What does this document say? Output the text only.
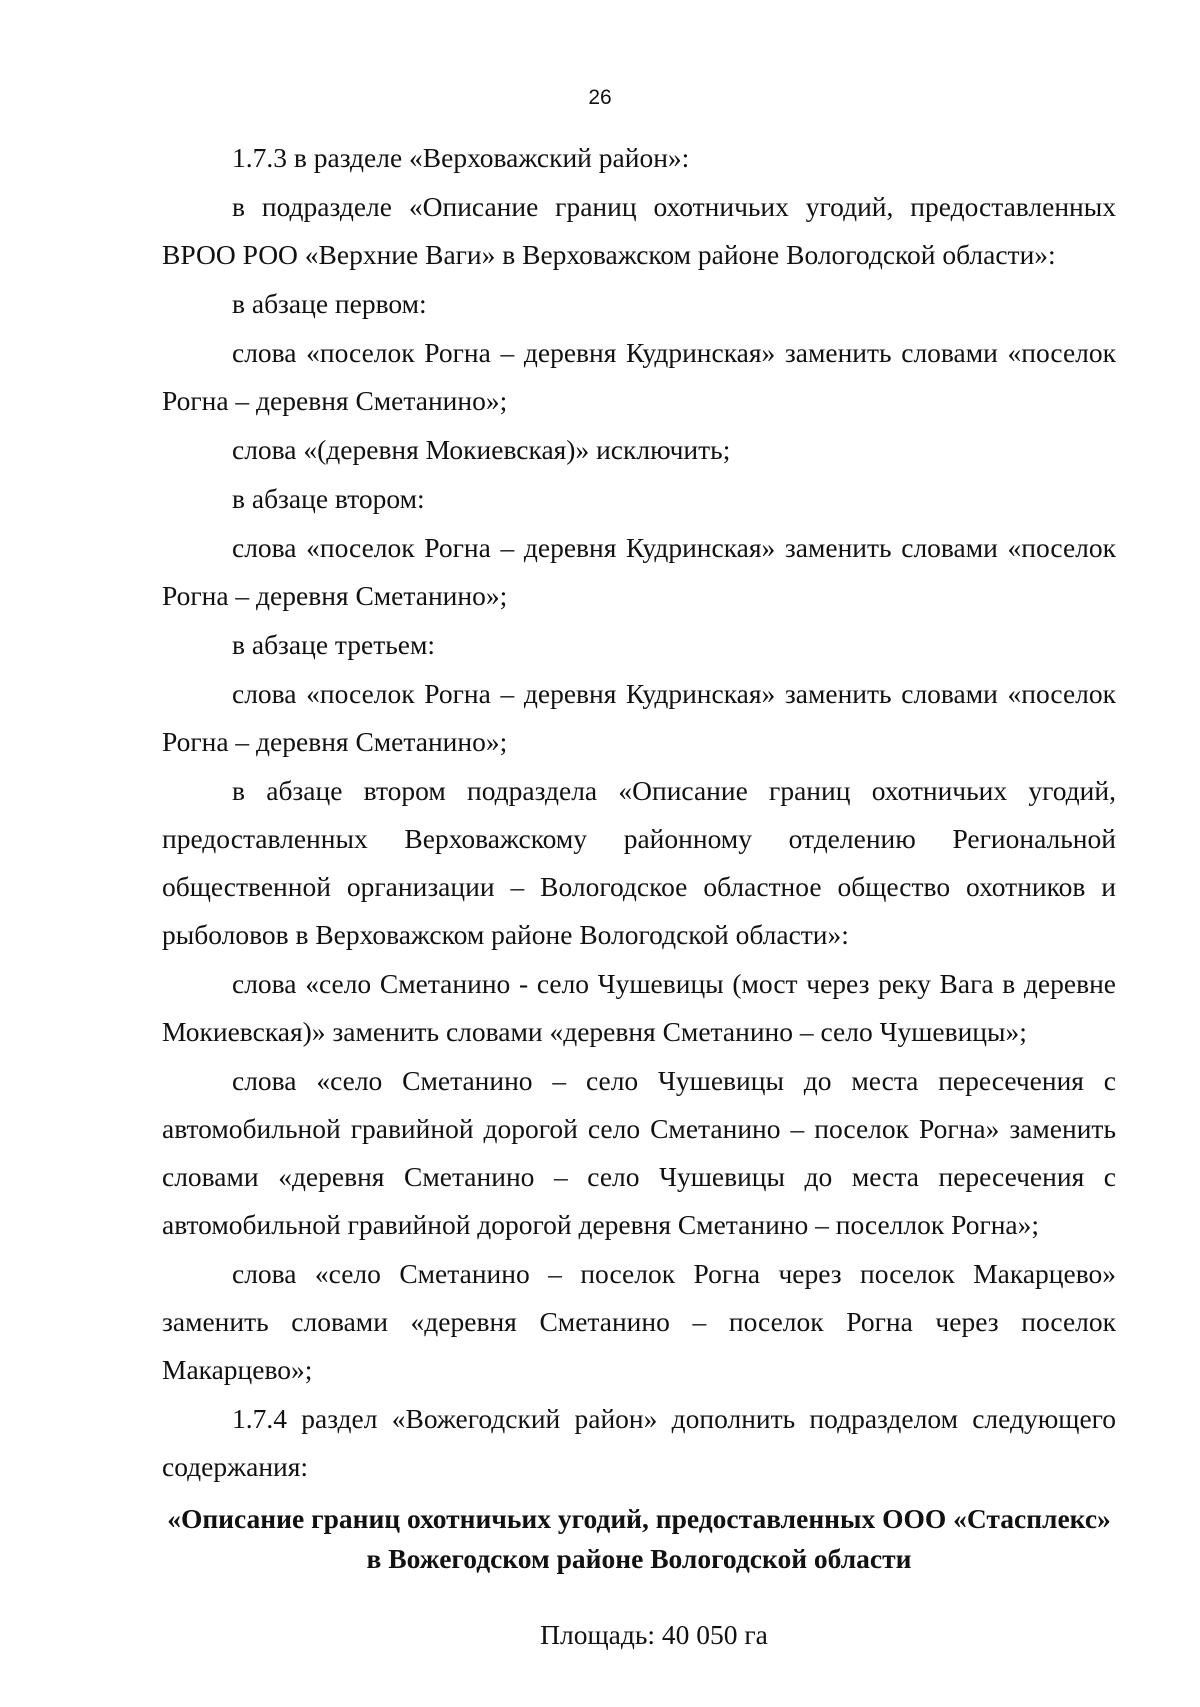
26

1.7.3 в разделе «Верховажский район»:

в подразделе «Описание границ охотничьих угодий, предоставленных ВРОО РОО «Верхние Ваги» в Верховажском районе Вологодской области»:

в абзаце первом:

слова «поселок Рогна – деревня Кудринская» заменить словами «поселок Рогна – деревня Сметанино»;

слова «(деревня Мокиевская)» исключить;

в абзаце втором:

слова «поселок Рогна – деревня Кудринская» заменить словами «поселок Рогна – деревня Сметанино»;

в абзаце третьем:

слова «поселок Рогна – деревня Кудринская» заменить словами «поселок Рогна – деревня Сметанино»;

в абзаце втором подраздела «Описание границ охотничьих угодий, предоставленных Верховажскому районному отделению Региональной общественной организации – Вологодское областное общество охотников и рыболовов в Верховажском районе Вологодской области»:

слова «село Сметанино - село Чушевицы (мост через реку Вага в деревне Мокиевская)» заменить словами «деревня Сметанино – село Чушевицы»;

слова «село Сметанино – село Чушевицы до места пересечения с автомобильной гравийной дорогой село Сметанино – поселок Рогна» заменить словами «деревня Сметанино – село Чушевицы до места пересечения с автомобильной гравийной дорогой деревня Сметанино – поселлок Рогна»;

слова «село Сметанино – поселок Рогна через поселок Макарцево» заменить словами «деревня Сметанино – поселок Рогна через поселок Макарцево»;

1.7.4 раздел «Вожегодский район» дополнить подразделом следующего содержания:

«Описание границ охотничьих угодий, предоставленных ООО «Стасплекс»
в Вожегодском районе Вологодской области
Площадь: 40 050 га
